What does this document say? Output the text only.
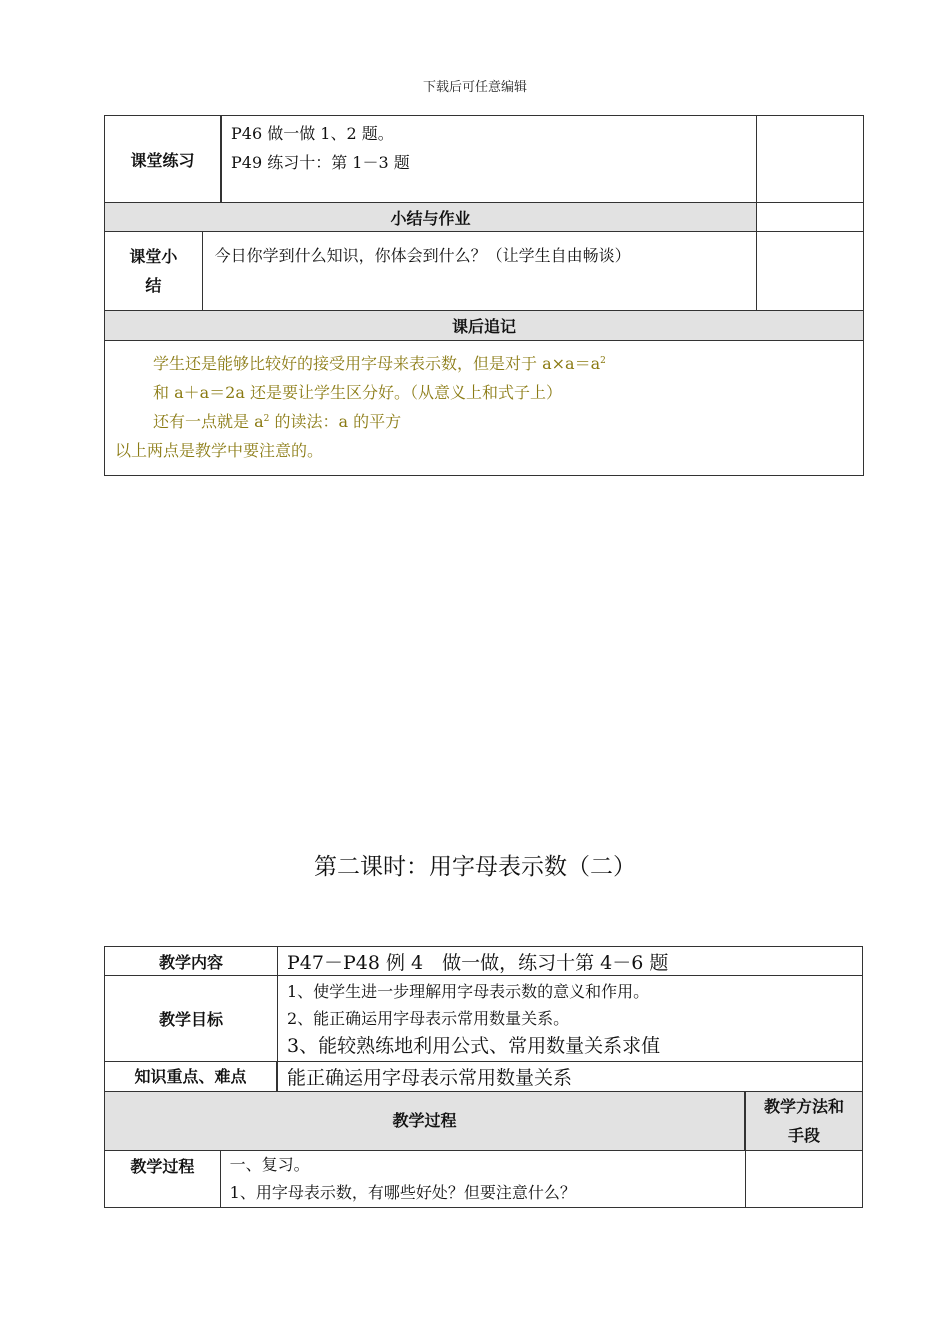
下载后可任意编辑
课堂练习		P46 做一做 1、2 题。
P49 练习十：第 1－3 题	

小结与作业			

课堂小
结	今日你学到什么知识，你体会到什么？（让学生自由畅谈）		
课后追记			

学生还是能够比较好的接受用字母来表示数，但是对于 $a\times a=a^2$
和 a＋a＝2a 还是要让学生区分好。（从意义上和式子上）
还有一点就是 $a^2$ 的读法：a 的平方
以上两点是教学中要注意的。			
第二课时：用字母表示数（二）
教学内容		P47－P48 例 4　做一做，练习十第 4－6 题	
教学目标		1、使学生进一步理解用字母表示数的意义和作用。
2、能正确运用字母表示常用数量关系。
3、能较熟练地利用公式、常用数量关系求值	

知识重点、难点		能正确运用字母表示常用数量关系	

教学过程			教学方法和
手段

教学过程	一、复习。
1、用字母表示数，有哪些好处？但要注意什么？		
